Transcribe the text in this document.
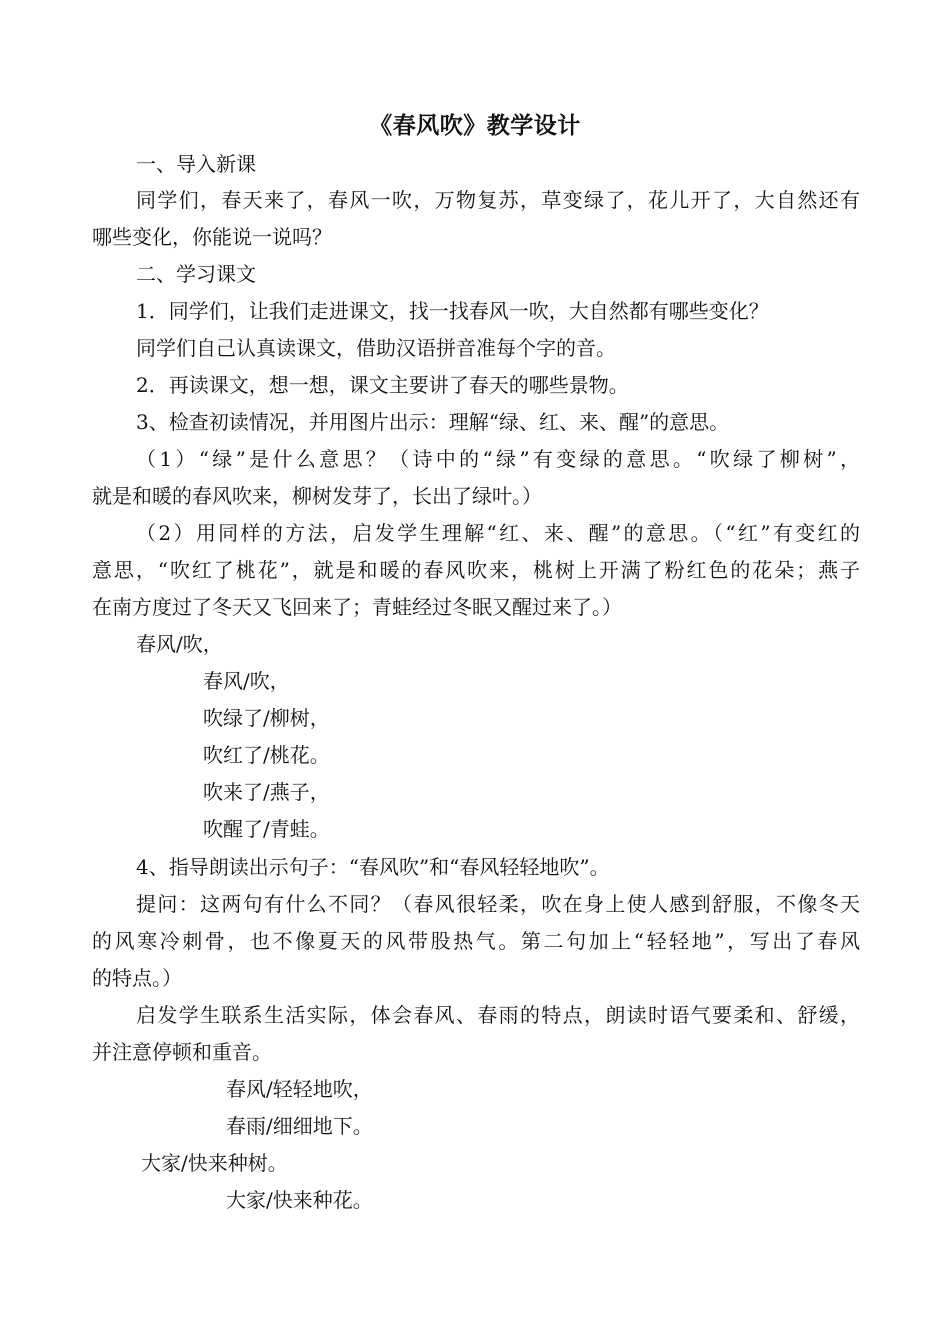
《春风吹》教学设计
一、导入新课
同学们，春天来了，春风一吹，万物复苏，草变绿了，花儿开了，大自然还有
哪些变化，你能说一说吗？
二、学习课文
1．同学们，让我们走进课文，找一找春风一吹，大自然都有哪些变化？
同学们自己认真读课文，借助汉语拼音准每个字的音。
2．再读课文，想一想，课文主要讲了春天的哪些景物。
3、检查初读情况，并用图片出示：理解“绿、红、来、醒”的意思。
（1）“绿”是什么意思？（诗中的“绿”有变绿的意思。“吹绿了柳树”，
就是和暖的春风吹来，柳树发芽了，长出了绿叶。）
（2）用同样的方法，启发学生理解“红、来、醒”的意思。（“红”有变红的
意思，“吹红了桃花”，就是和暖的春风吹来，桃树上开满了粉红色的花朵；燕子
在南方度过了冬天又飞回来了；青蛙经过冬眠又醒过来了。）
春风/吹，
春风/吹，
吹绿了/柳树，
吹红了/桃花。
吹来了/燕子，
吹醒了/青蛙。
4、指导朗读出示句子：“春风吹”和“春风轻轻地吹”。
提问：这两句有什么不同？（春风很轻柔，吹在身上使人感到舒服，不像冬天
的风寒冷刺骨，也不像夏天的风带股热气。第二句加上“轻轻地”，写出了春风
的特点。）
启发学生联系生活实际，体会春风、春雨的特点，朗读时语气要柔和、舒缓，
并注意停顿和重音。
春风/轻轻地吹，
春雨/细细地下。
大家/快来种树。
大家/快来种花。
